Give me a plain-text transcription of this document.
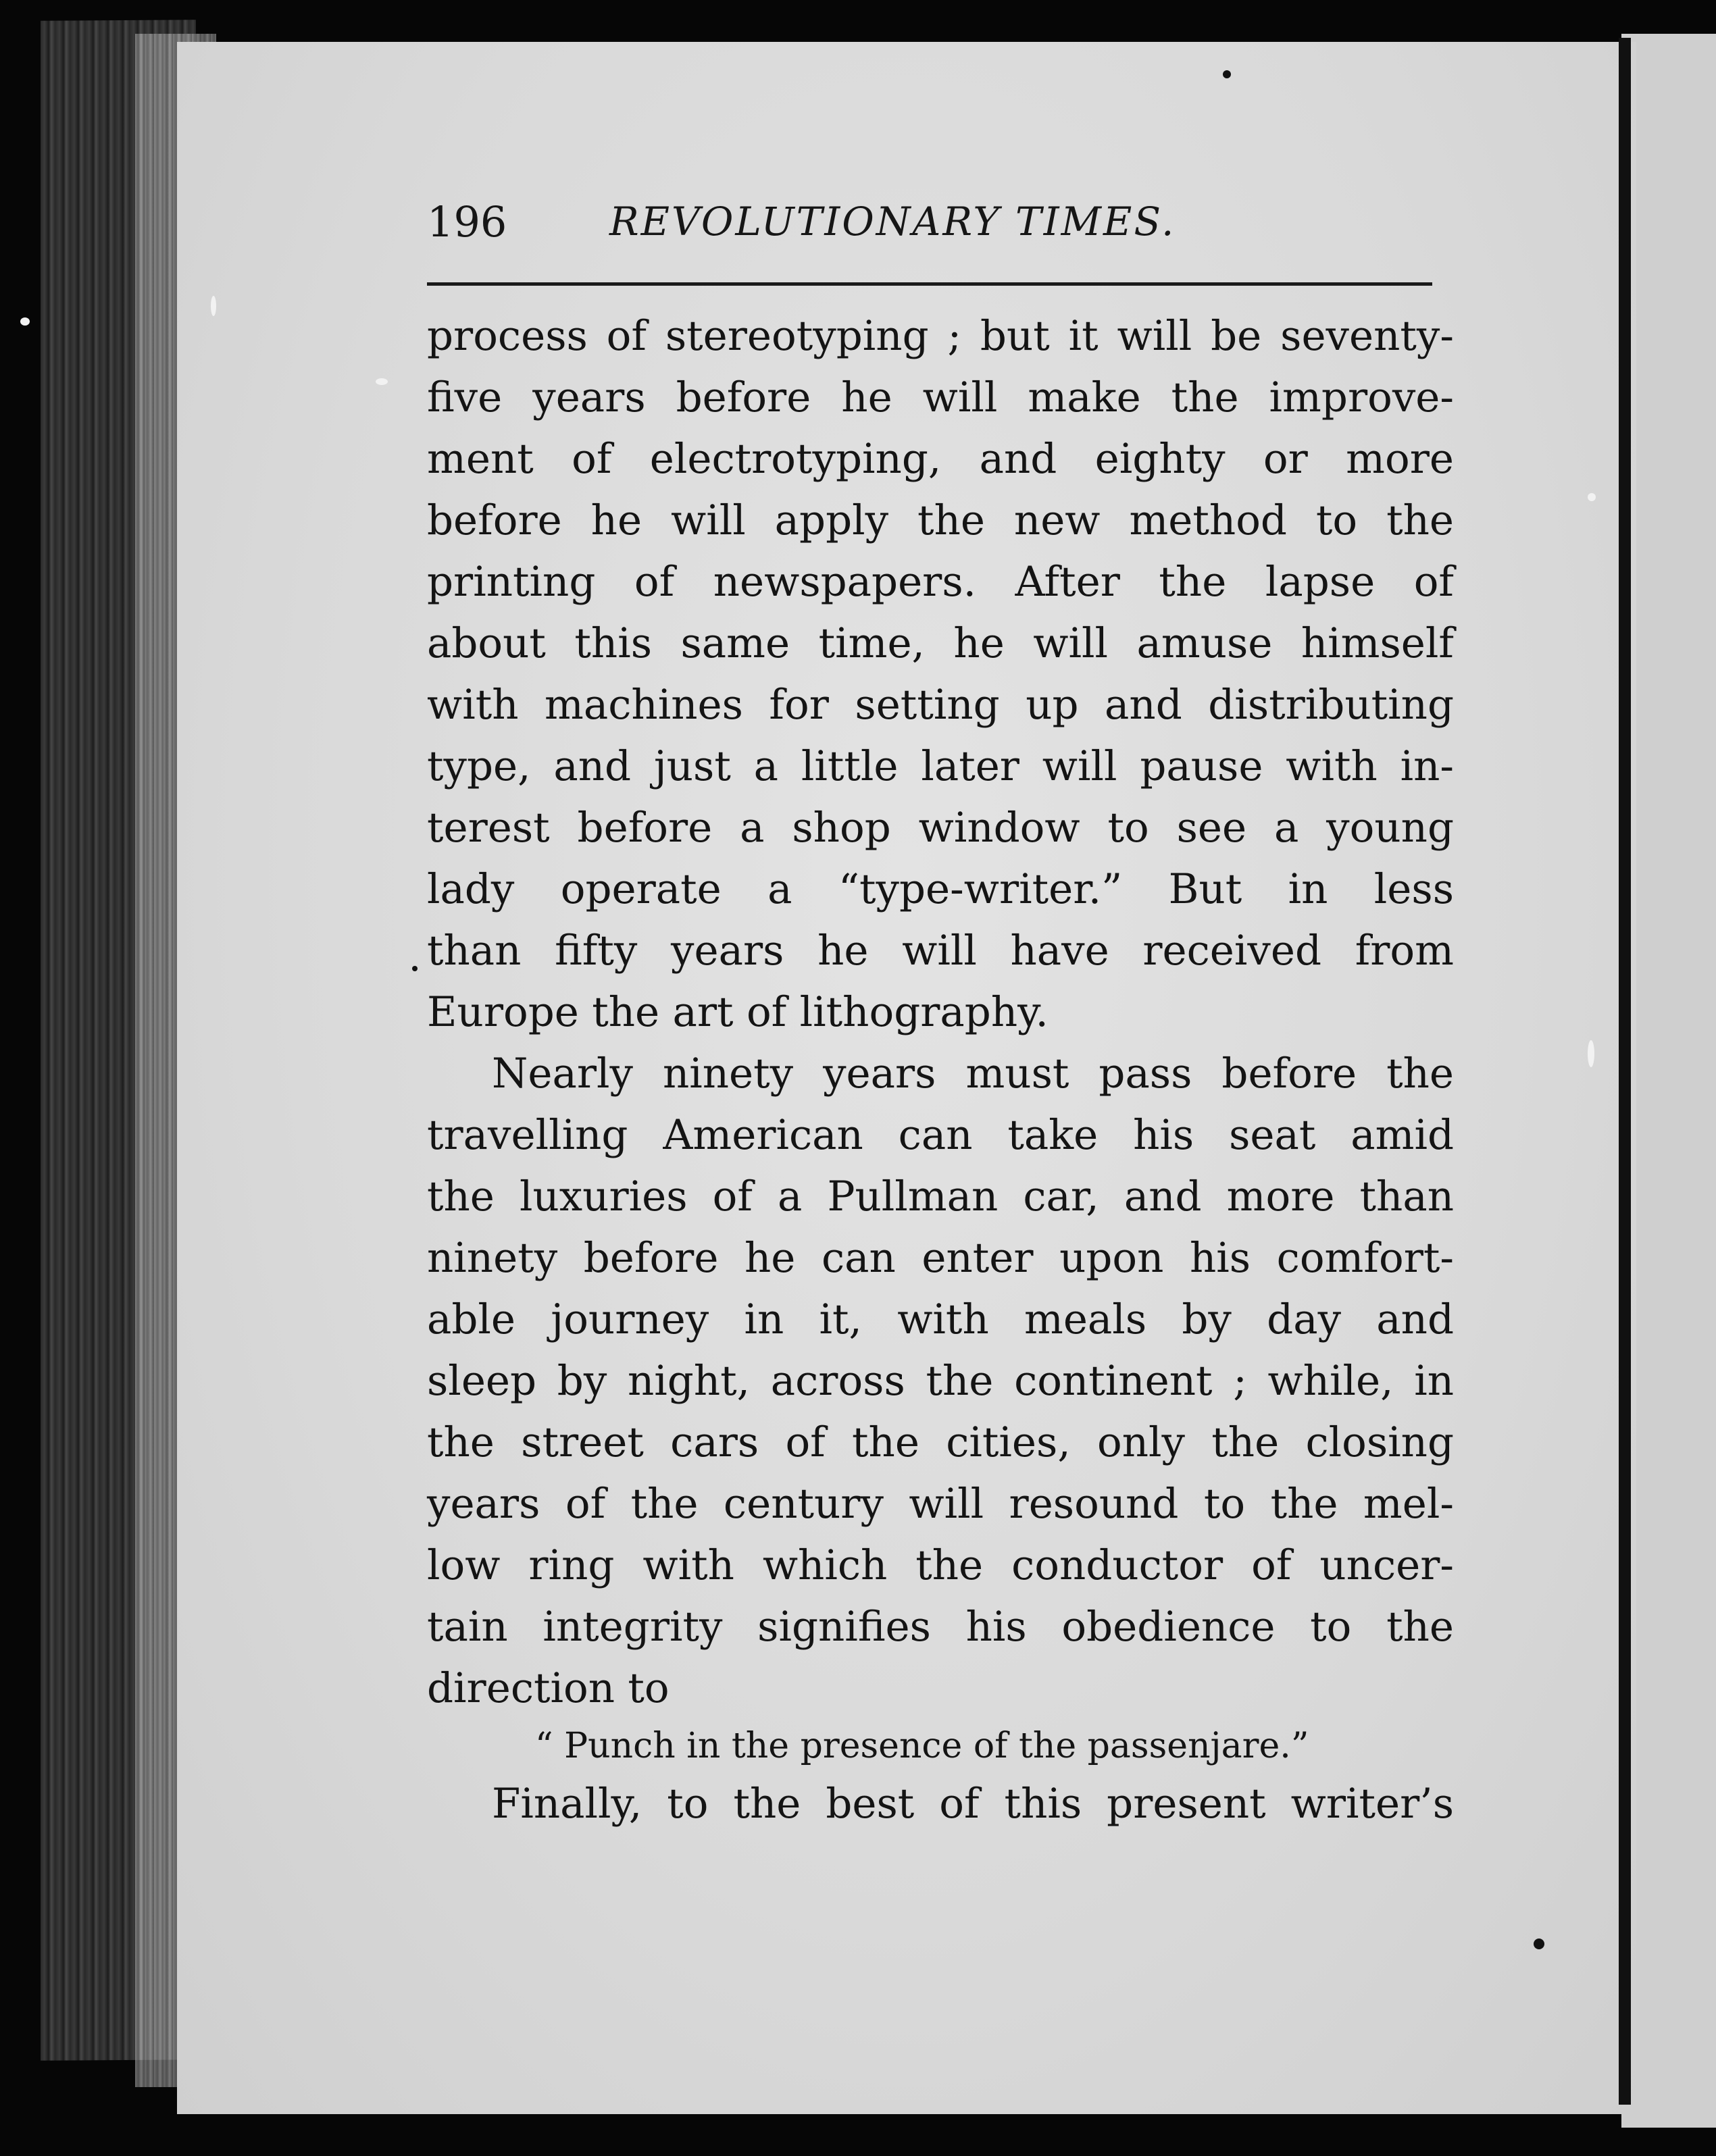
196	REVOLUTIONARY TIMES.
process of stereotyping ; but it will be seventy-
five years before he will make the improve-
ment of electrotyping, and eighty or more
before he will apply the new method to the
printing of newspapers. After the lapse of
about this same time, he will amuse himself
with machines for setting up and distributing
type, and just a little later will pause with in-
terest before a shop window to see a young
lady operate a “type-writer.” But in less
than fifty years he will have received from
Europe the art of lithography.
Nearly ninety years must pass before the
travelling American can take his seat amid
the luxuries of a Pullman car, and more than
ninety before he can enter upon his comfort-
able journey in it, with meals by day and
sleep by night, across the continent ; while, in
the street cars of the cities, only the closing
years of the century will resound to the mel-
low ring with which the conductor of uncer-
tain integrity signifies his obedience to the
direction to
“ Punch in the presence of the passenjare.”
Finally, to the best of this present writer’s
